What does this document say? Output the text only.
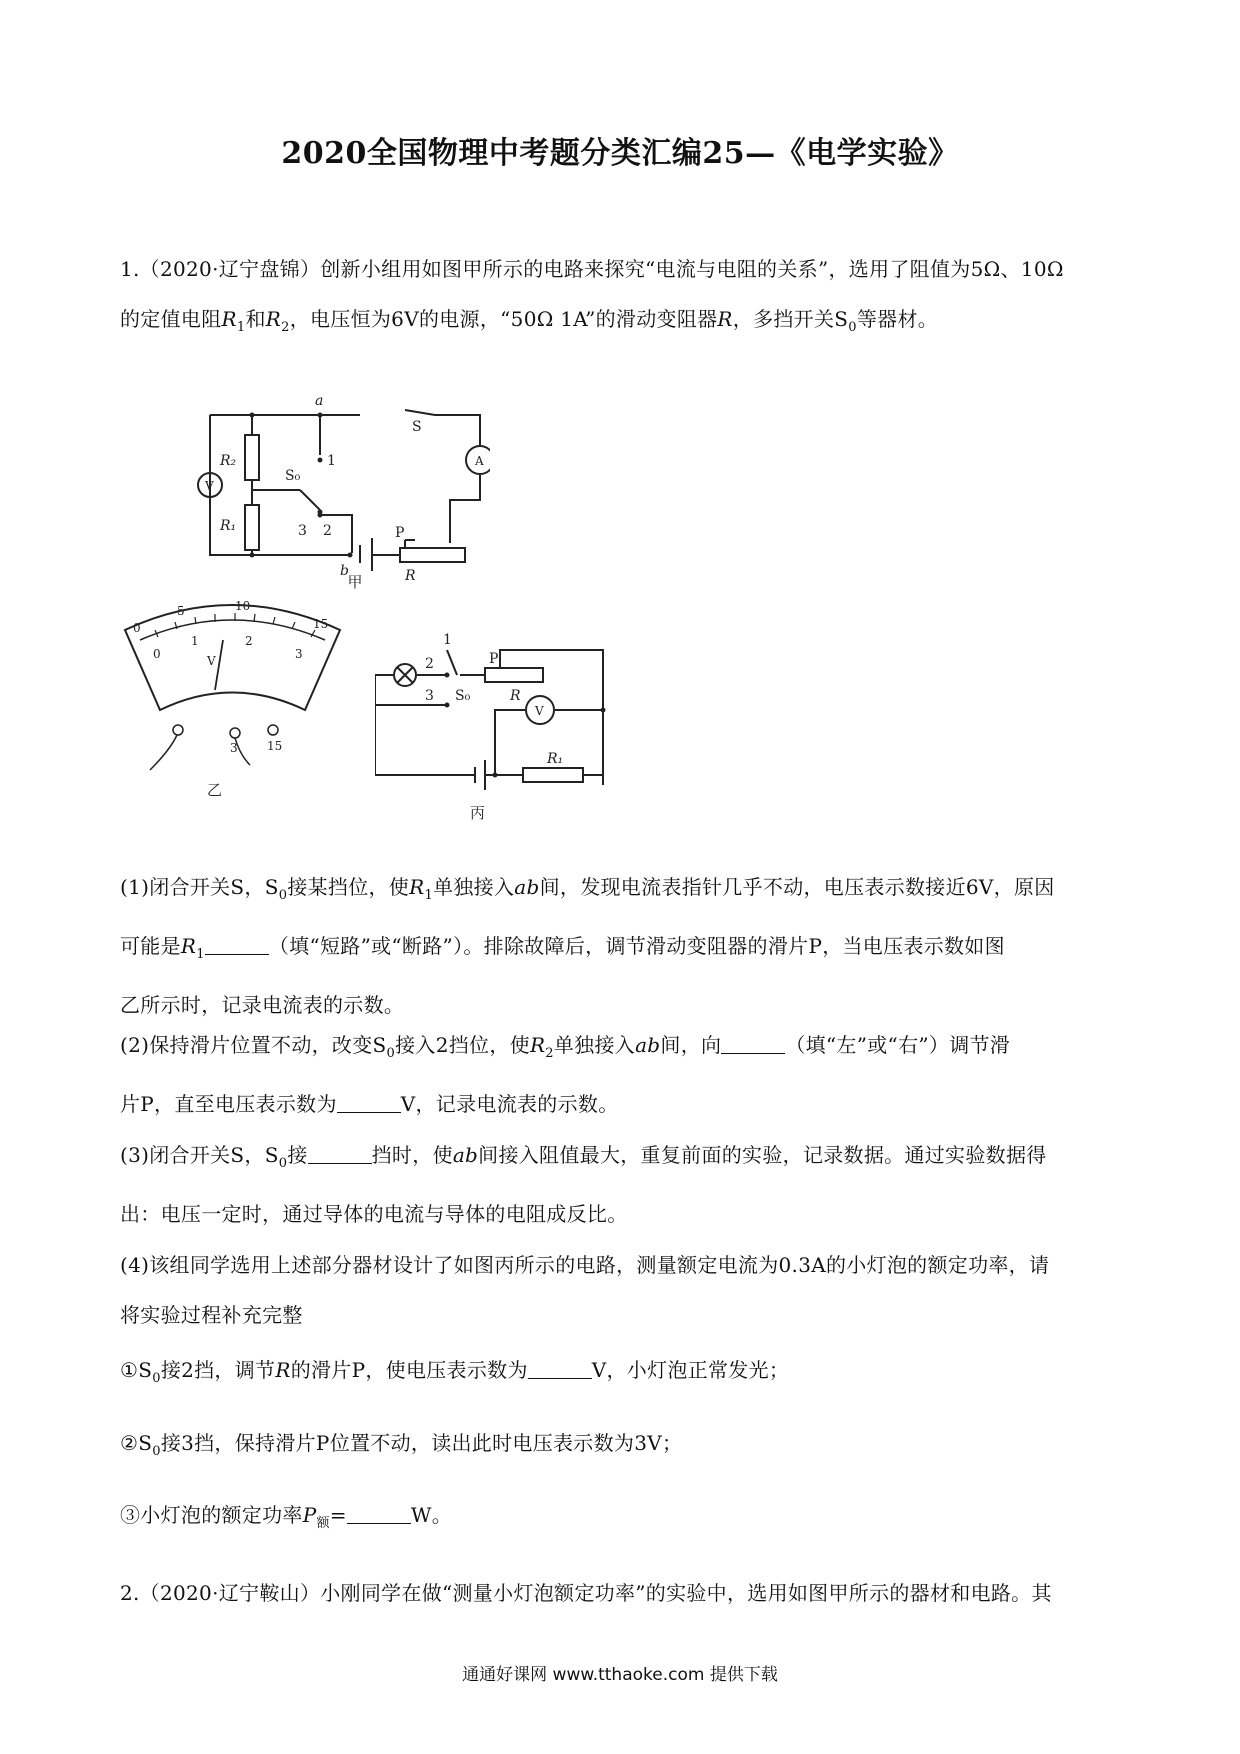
2020全国物理中考题分类汇编25—《电学实验》
1.（2020·辽宁盘锦）创新小组用如图甲所示的电路来探究“电流与电阻的关系”，选用了阻值为5Ω、10Ω
的定值电阻$R_1$和$R_2$，电压恒为6V的电源，“50Ω 1A”的滑动变阻器R，多挡开关$S_0$等器材。
a
S
A
R₂
S₀
1
V
2
R₁	3	P
R
b
甲
5	10
15
0
0
1	2
3
V
3 15
乙
1
2	P
3 S₀	R
V
R₁
丙
(1)闭合开关S，$S_0$接某挡位，使$R_1$单独接入ab间，发现电流表指针几乎不动，电压表示数接近6V，原因
可能是$R_1$	（填“短路”或“断路”）。排除故障后，调节滑动变阻器的滑片P，当电压表示数如图
乙所示时，记录电流表的示数。
(2)保持滑片位置不动，改变$S_0$接入2挡位，使$R_2$单独接入ab间，向	（填“左”或“右”）调节滑
片P，直至电压表示数为	V，记录电流表的示数。
(3)闭合开关S，$S_0$接	挡时，使ab间接入阻值最大，重复前面的实验，记录数据。通过实验数据得
出：电压一定时，通过导体的电流与导体的电阻成反比。
(4)该组同学选用上述部分器材设计了如图丙所示的电路，测量额定电流为0.3A的小灯泡的额定功率，请
将实验过程补充完整
$①S_0$接2挡，调节R的滑片P，使电压表示数为	V，小灯泡正常发光；
$②S_0$接3挡，保持滑片P位置不动，读出此时电压表示数为3V；
③小灯泡的额定功率$P_额=$	W。
2.（2020·辽宁鞍山）小刚同学在做“测量小灯泡额定功率”的实验中，选用如图甲所示的器材和电路。其
通通好课网 www.tthaoke.com 提供下载
